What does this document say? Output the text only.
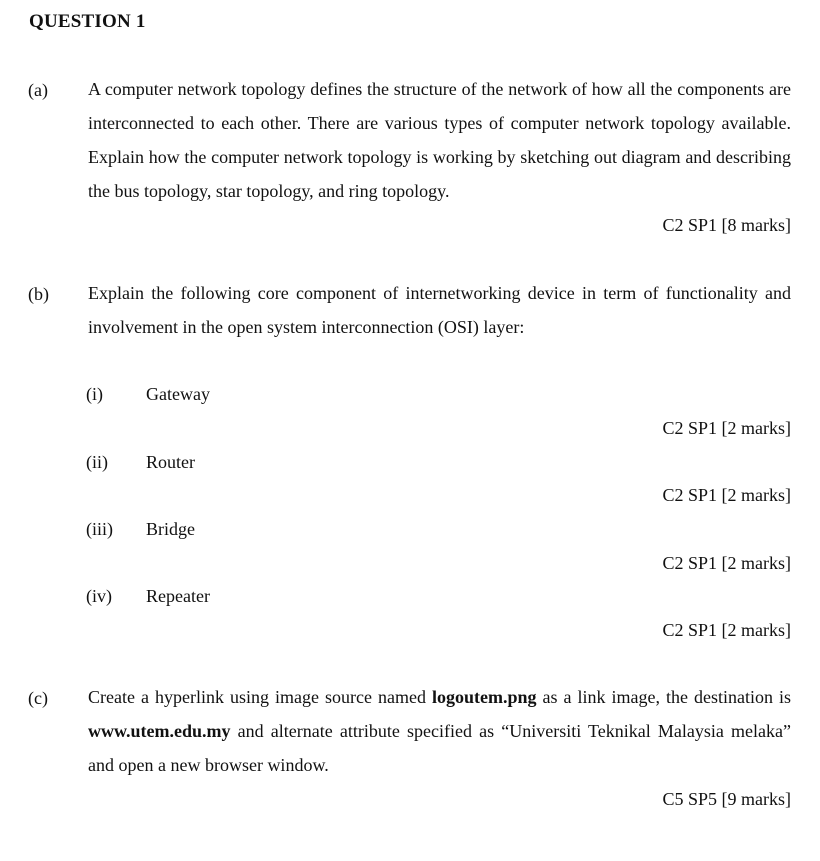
QUESTION 1
(a) A computer network topology defines the structure of the network of how all the components are interconnected to each other. There are various types of computer network topology available. Explain how the computer network topology is working by sketching out diagram and describing the bus topology, star topology, and ring topology.
C2 SP1 [8 marks]
(b) Explain the following core component of internetworking device in term of functionality and involvement in the open system interconnection (OSI) layer:
(i) Gateway
C2 SP1 [2 marks]
(ii) Router
C2 SP1 [2 marks]
(iii) Bridge
C2 SP1 [2 marks]
(iv) Repeater
C2 SP1 [2 marks]
(c) Create a hyperlink using image source named logoutem.png as a link image, the destination is www.utem.edu.my and alternate attribute specified as “Universiti Teknikal Malaysia melaka” and open a new browser window.
C5 SP5 [9 marks]
